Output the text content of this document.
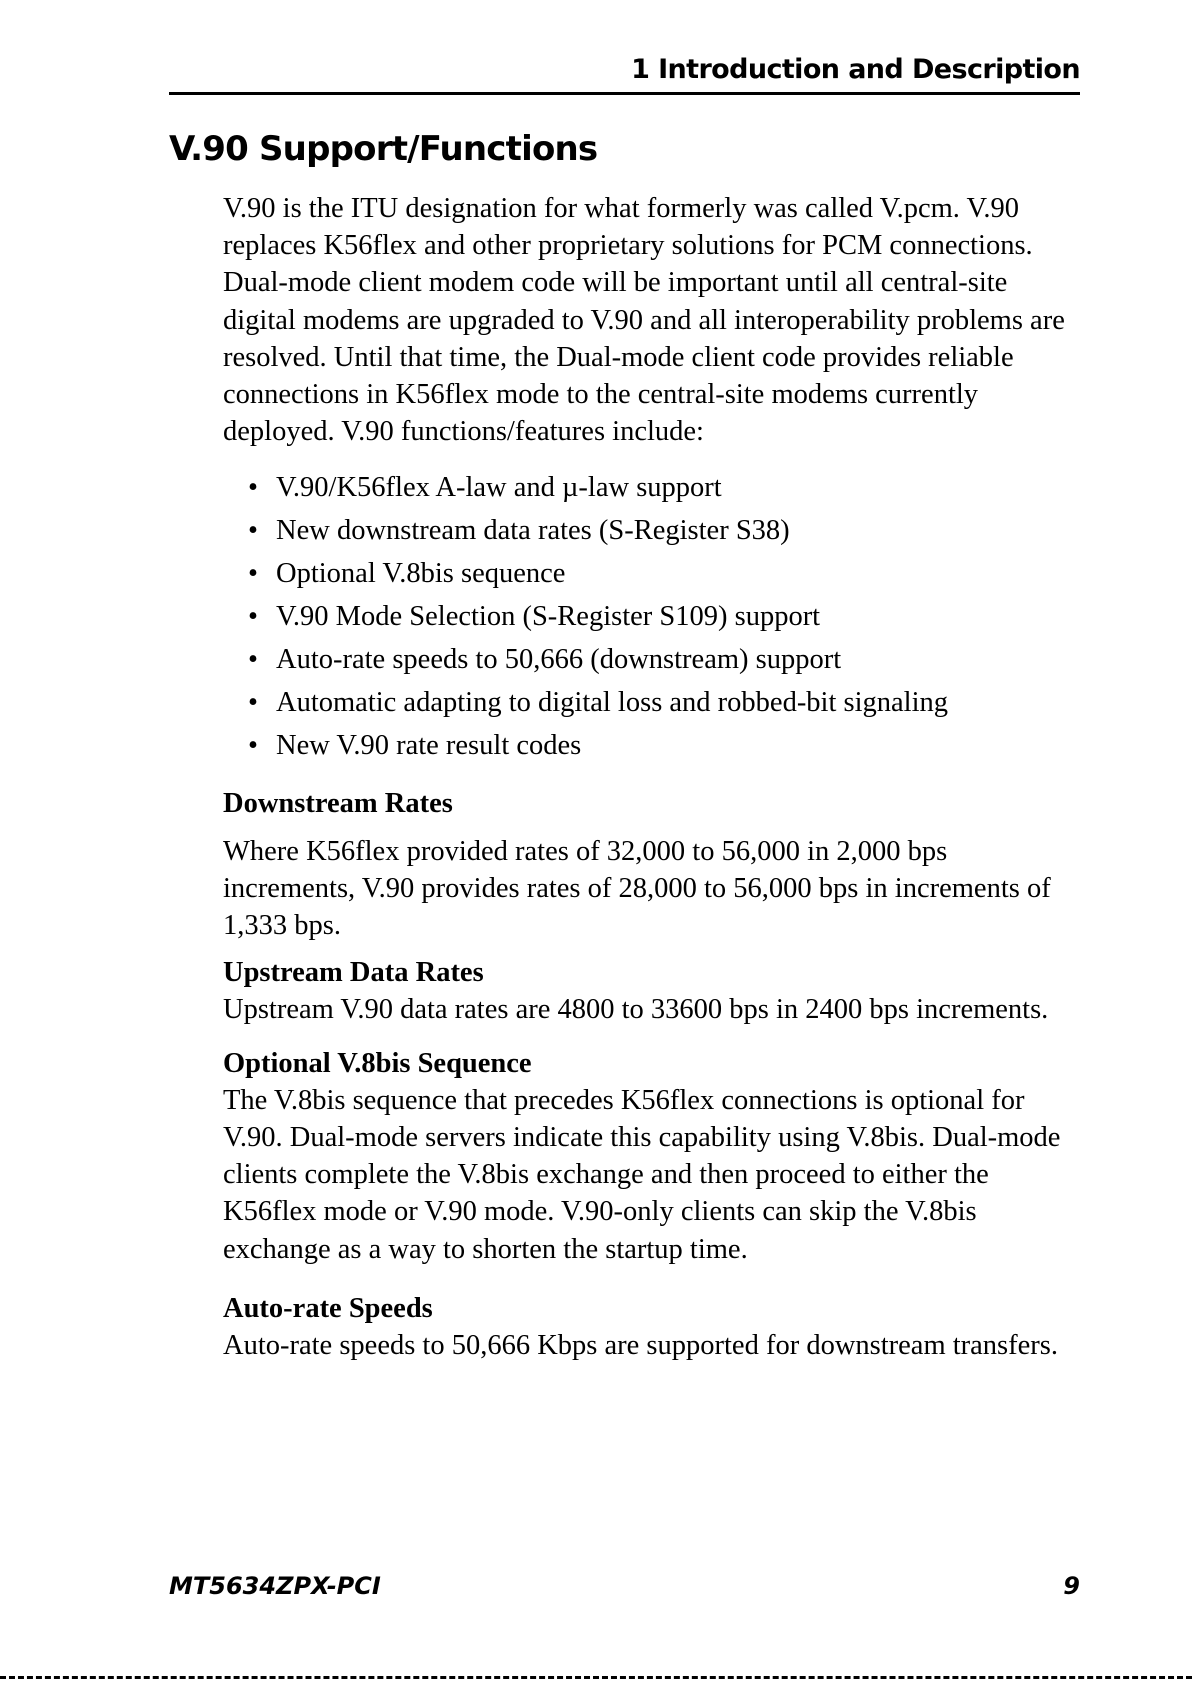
1 Introduction and Description
V.90 Support/Functions

V.90 is the ITU designation for what formerly was called V.pcm. V.90 replaces K56flex and other proprietary solutions for PCM connections. Dual-mode client modem code will be important until all central-site digital modems are upgraded to V.90 and all interoperability problems are resolved. Until that time, the Dual-mode client code provides reliable connections in K56flex mode to the central-site modems currently deployed. V.90 functions/features include:

• V.90/K56flex A-law and µ-law support
• New downstream data rates (S-Register S38)
• Optional V.8bis sequence
• V.90 Mode Selection (S-Register S109) support
• Auto-rate speeds to 50,666 (downstream) support
• Automatic adapting to digital loss and robbed-bit signaling
• New V.90 rate result codes

Downstream Rates

Where K56flex provided rates of 32,000 to 56,000 in 2,000 bps increments, V.90 provides rates of 28,000 to 56,000 bps in increments of 1,333 bps.

Upstream Data Rates

Upstream V.90 data rates are 4800 to 33600 bps in 2400 bps increments.

Optional V.8bis Sequence

The V.8bis sequence that precedes K56flex connections is optional for V.90. Dual-mode servers indicate this capability using V.8bis. Dual-mode clients complete the V.8bis exchange and then proceed to either the K56flex mode or V.90 mode. V.90-only clients can skip the V.8bis exchange as a way to shorten the startup time.

Auto-rate Speeds

Auto-rate speeds to 50,666 Kbps are supported for downstream transfers.

MT5634ZPX-PCI	9
